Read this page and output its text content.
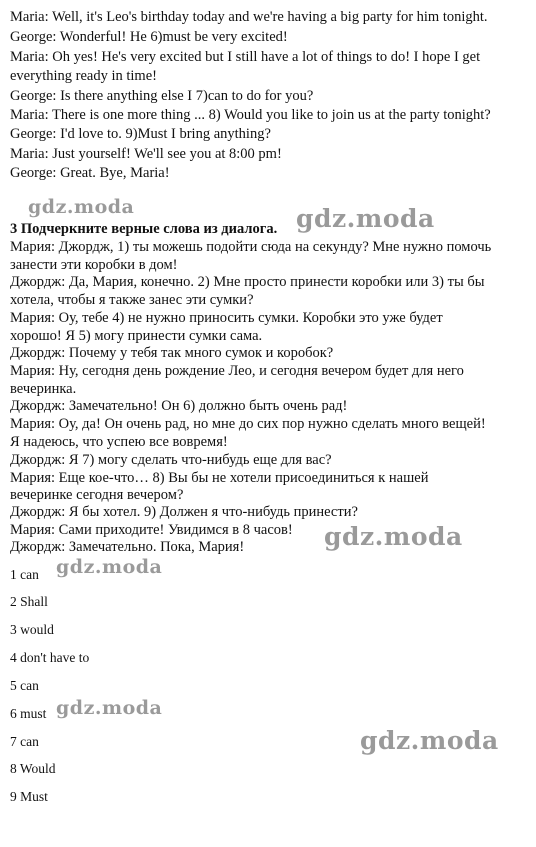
Maria: Well, it's Leo's birthday today and we're having a big party for him tonight.
George: Wonderful! He 6)must be very excited!
Maria: Oh yes! He's very excited but I still have a lot of things to do! I hope I get
everything ready in time!
George: Is there anything else I 7)can to do for you?
Maria: There is one more thing ... 8) Would you like to join us at the party tonight?
George: I'd love to. 9)Must I bring anything?
Maria: Just yourself! We'll see you at 8:00 pm!
George: Great. Bye, Maria!
3 Подчеркните верные слова из диалога.
Мария: Джордж, 1) ты можешь подойти сюда на секунду? Мне нужно помочь
занести эти коробки в дом!
Джордж: Да, Мария, конечно. 2) Мне просто принести коробки или 3) ты бы
хотела, чтобы я также занес эти сумки?
Мария: Оу, тебе 4) не нужно приносить сумки. Коробки это уже будет
хорошо! Я 5) могу принести сумки сама.
Джордж: Почему у тебя так много сумок и коробок?
Мария: Ну, сегодня день рождение Лео, и сегодня вечером будет для него
вечеринка.
Джордж: Замечательно! Он 6) должно быть очень рад!
Мария: Оу, да! Он очень рад, но мне до сих пор нужно сделать много вещей!
Я надеюсь, что успею все вовремя!
Джордж: Я 7) могу сделать что-нибудь еще для вас?
Мария: Еще кое-что… 8) Вы бы не хотели присоединиться к нашей
вечеринке сегодня вечером?
Джордж: Я бы хотел. 9) Должен я что-нибудь принести?
Мария: Сами приходите! Увидимся в 8 часов!
Джордж: Замечательно. Пока, Мария!
1 can
2 Shall
3 would
4 don't have to
5 can
6 must
7 can
8 Would
9 Must
gdz.moda	gdz.moda
gdz.moda
gdz.moda
gdz.moda
gdz.moda
